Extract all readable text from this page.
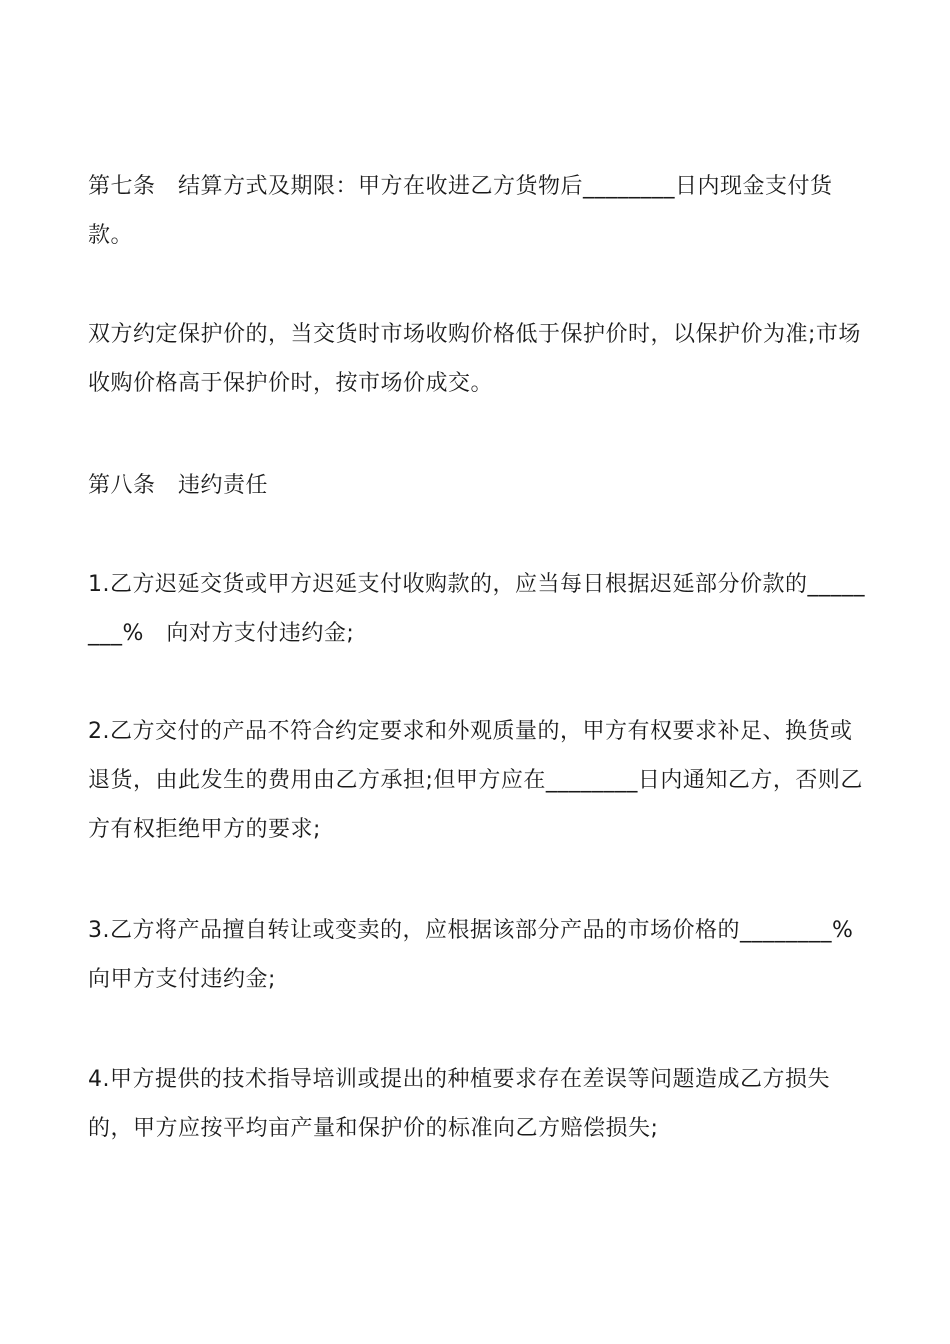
第七条　结算方式及期限：甲方在收进乙方货物后________日内现金支付货款。

双方约定保护价的，当交货时市场收购价格低于保护价时，以保护价为准;市场收购价格高于保护价时，按市场价成交。

第八条　违约责任

1.乙方迟延交货或甲方迟延支付收购款的，应当每日根据迟延部分价款的________%　向对方支付违约金;

2.乙方交付的产品不符合约定要求和外观质量的，甲方有权要求补足、换货或退货，由此发生的费用由乙方承担;但甲方应在________日内通知乙方，否则乙方有权拒绝甲方的要求;

3.乙方将产品擅自转让或变卖的，应根据该部分产品的市场价格的________%向甲方支付违约金;

4.甲方提供的技术指导培训或提出的种植要求存在差误等问题造成乙方损失的，甲方应按平均亩产量和保护价的标准向乙方赔偿损失;
